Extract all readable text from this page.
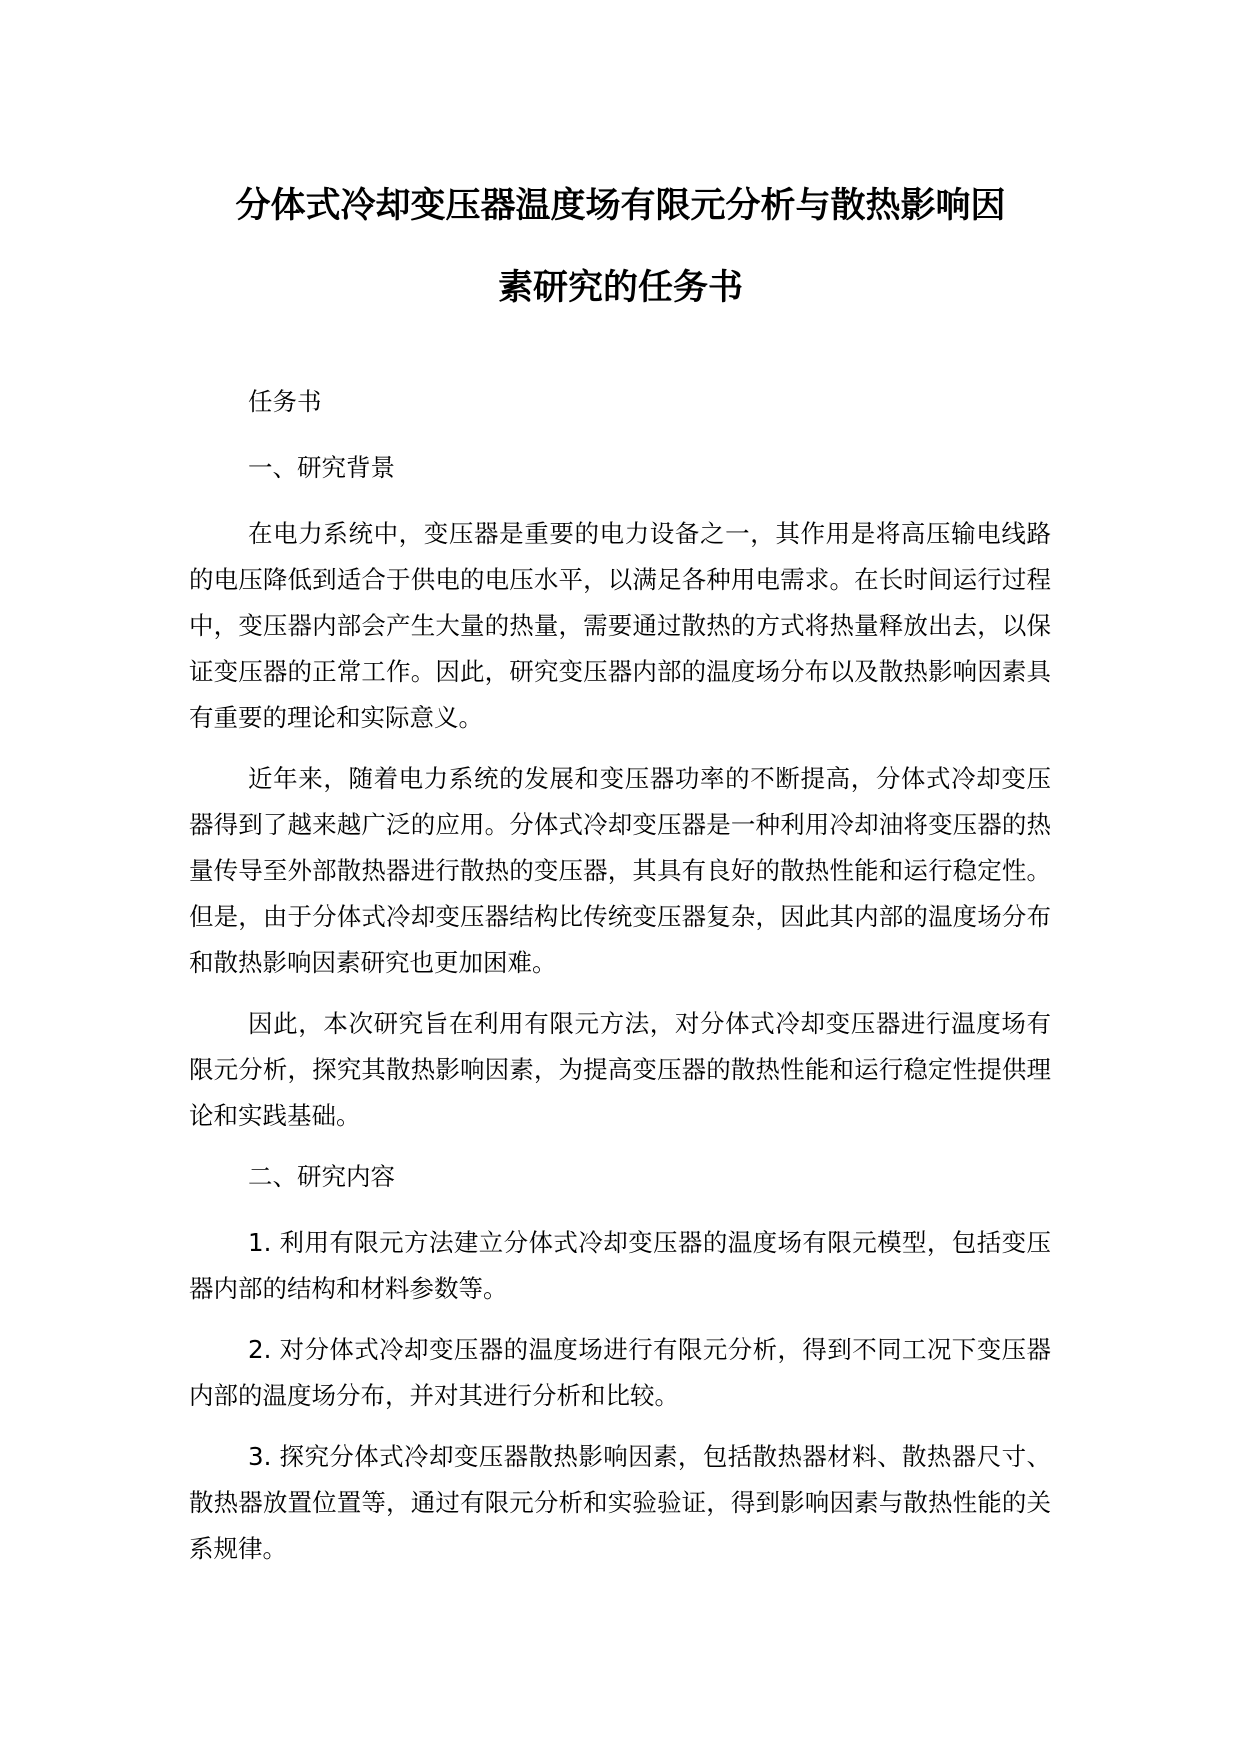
分体式冷却变压器温度场有限元分析与散热影响因
素研究的任务书

任务书

一、研究背景

在电力系统中，变压器是重要的电力设备之一，其作用是将高压输电线路的电压降低到适合于供电的电压水平，以满足各种用电需求。在长时间运行过程中，变压器内部会产生大量的热量，需要通过散热的方式将热量释放出去，以保证变压器的正常工作。因此，研究变压器内部的温度场分布以及散热影响因素具有重要的理论和实际意义。

近年来，随着电力系统的发展和变压器功率的不断提高，分体式冷却变压器得到了越来越广泛的应用。分体式冷却变压器是一种利用冷却油将变压器的热量传导至外部散热器进行散热的变压器，其具有良好的散热性能和运行稳定性。但是，由于分体式冷却变压器结构比传统变压器复杂，因此其内部的温度场分布和散热影响因素研究也更加困难。

因此，本次研究旨在利用有限元方法，对分体式冷却变压器进行温度场有限元分析，探究其散热影响因素，为提高变压器的散热性能和运行稳定性提供理论和实践基础。

二、研究内容

1. 利用有限元方法建立分体式冷却变压器的温度场有限元模型，包括变压器内部的结构和材料参数等。

2. 对分体式冷却变压器的温度场进行有限元分析，得到不同工况下变压器内部的温度场分布，并对其进行分析和比较。

3. 探究分体式冷却变压器散热影响因素，包括散热器材料、散热器尺寸、散热器放置位置等，通过有限元分析和实验验证，得到影响因素与散热性能的关系规律。
